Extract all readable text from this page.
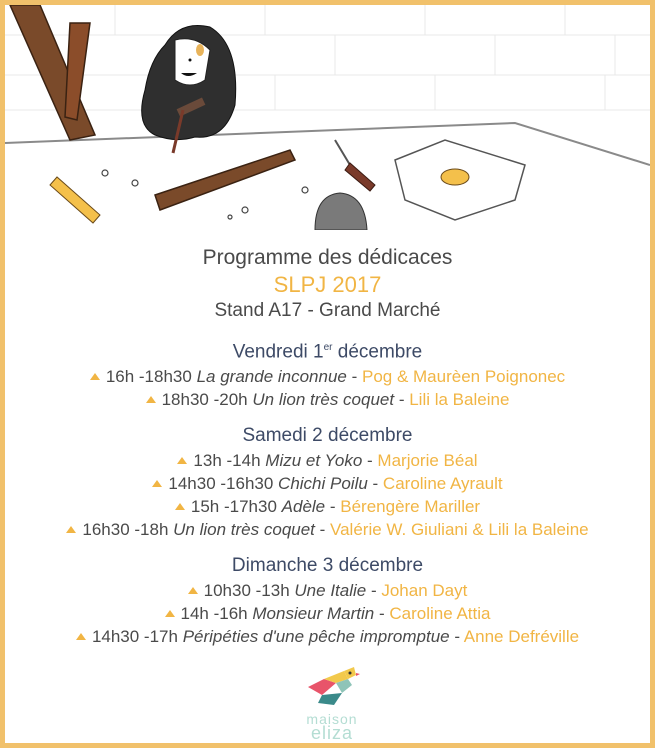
Programme des dédicaces

SLPJ 2017

Stand A17 - Grand Marché

Vendredi 1er décembre

16h -18h30 La grande inconnue - Pog & Maurèen Poignonec
18h30 -20h Un lion très coquet - Lili la Baleine

Samedi 2 décembre

13h -14h Mizu et Yoko - Marjorie Béal
14h30 -16h30 Chichi Poilu - Caroline Ayrault
15h -17h30 Adèle - Bérengère Mariller
16h30 -18h Un lion très coquet - Valérie W. Giuliani & Lili la Baleine

Dimanche 3 décembre

10h30 -13h Une Italie - Johan Dayt
14h -16h Monsieur Martin - Caroline Attia
14h30 -17h Péripéties d'une pêche impromptue - Anne Defréville
maison
eliza
